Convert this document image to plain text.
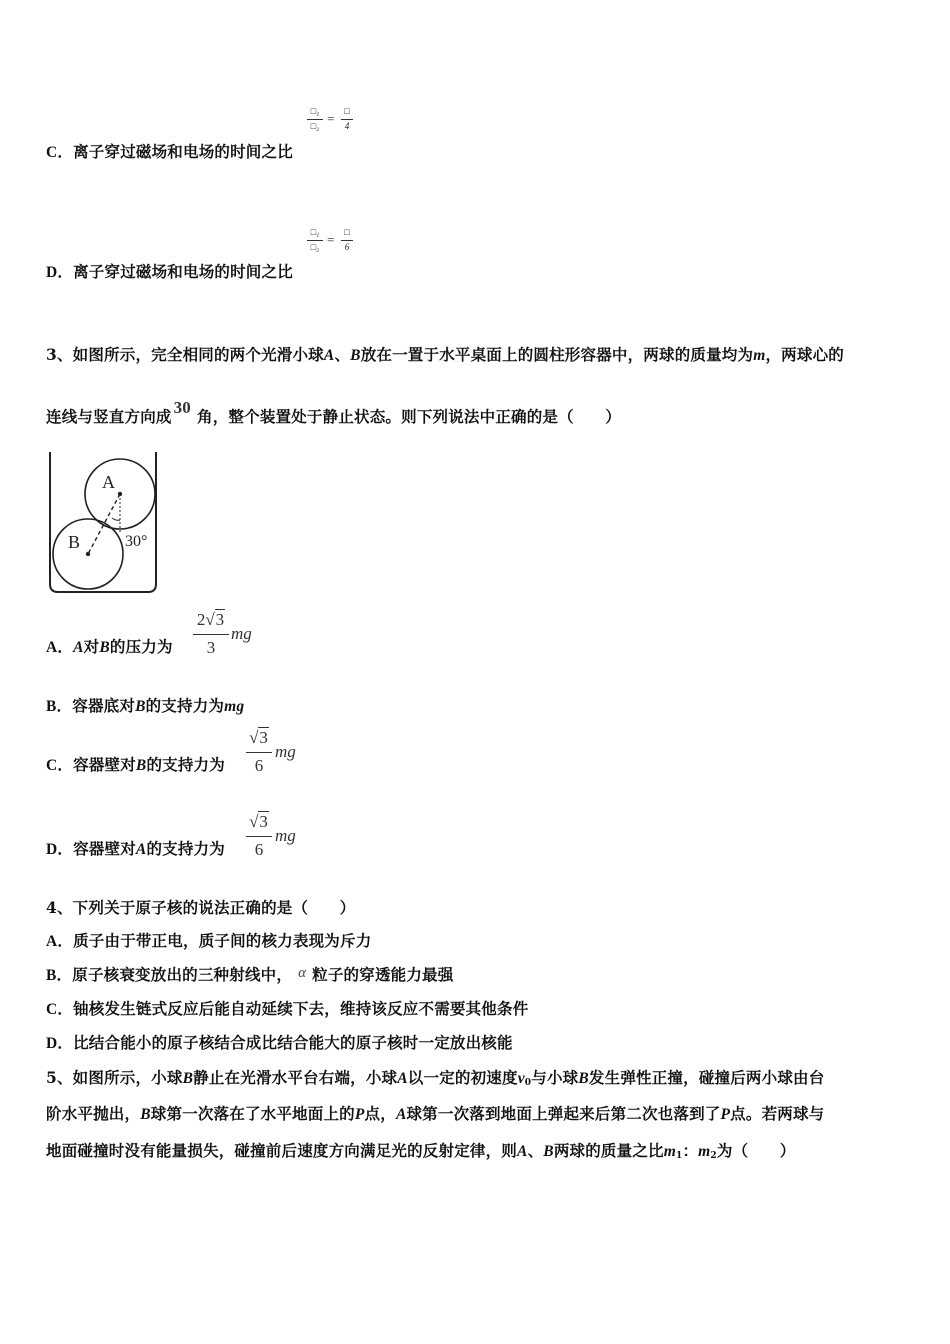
□₁
□₂ =	□
4
C．离子穿过磁场和电场的时间之比
□₁
□₂ =	□
6
D．离子穿过磁场和电场的时间之比
3、如图所示，完全相同的两个光滑小球A、B放在一置于水平桌面上的圆柱形容器中，两球的质量均为m，两球心的
连线与竖直方向成 30 角，整个装置处于静止状态。则下列说法中正确的是（　　）
A
B	30°
A．A对B的压力为
2√3
3
mg
B．容器底对B的支持力为mg
C．容器壁对B的支持力为
√3
6
mg
D．容器壁对A的支持力为
√3
6
mg
4、下列关于原子核的说法正确的是（　　）
A．质子由于带正电，质子间的核力表现为斥力
B．原子核衰变放出的三种射线中， α 粒子的穿透能力最强
C．铀核发生链式反应后能自动延续下去，维持该反应不需要其他条件
D．比结合能小的原子核结合成比结合能大的原子核时一定放出核能
5、如图所示，小球B静止在光滑水平台右端，小球A以一定的初速度$v_0$与小球B发生弹性正撞，碰撞后两小球由台
阶水平抛出，B球第一次落在了水平地面上的P点，A球第一次落到地面上弹起来后第二次也落到了P点。若两球与
地面碰撞时没有能量损失，碰撞前后速度方向满足光的反射定律，则A、B两球的质量之比$m_1$：$m_2$为（　　）
